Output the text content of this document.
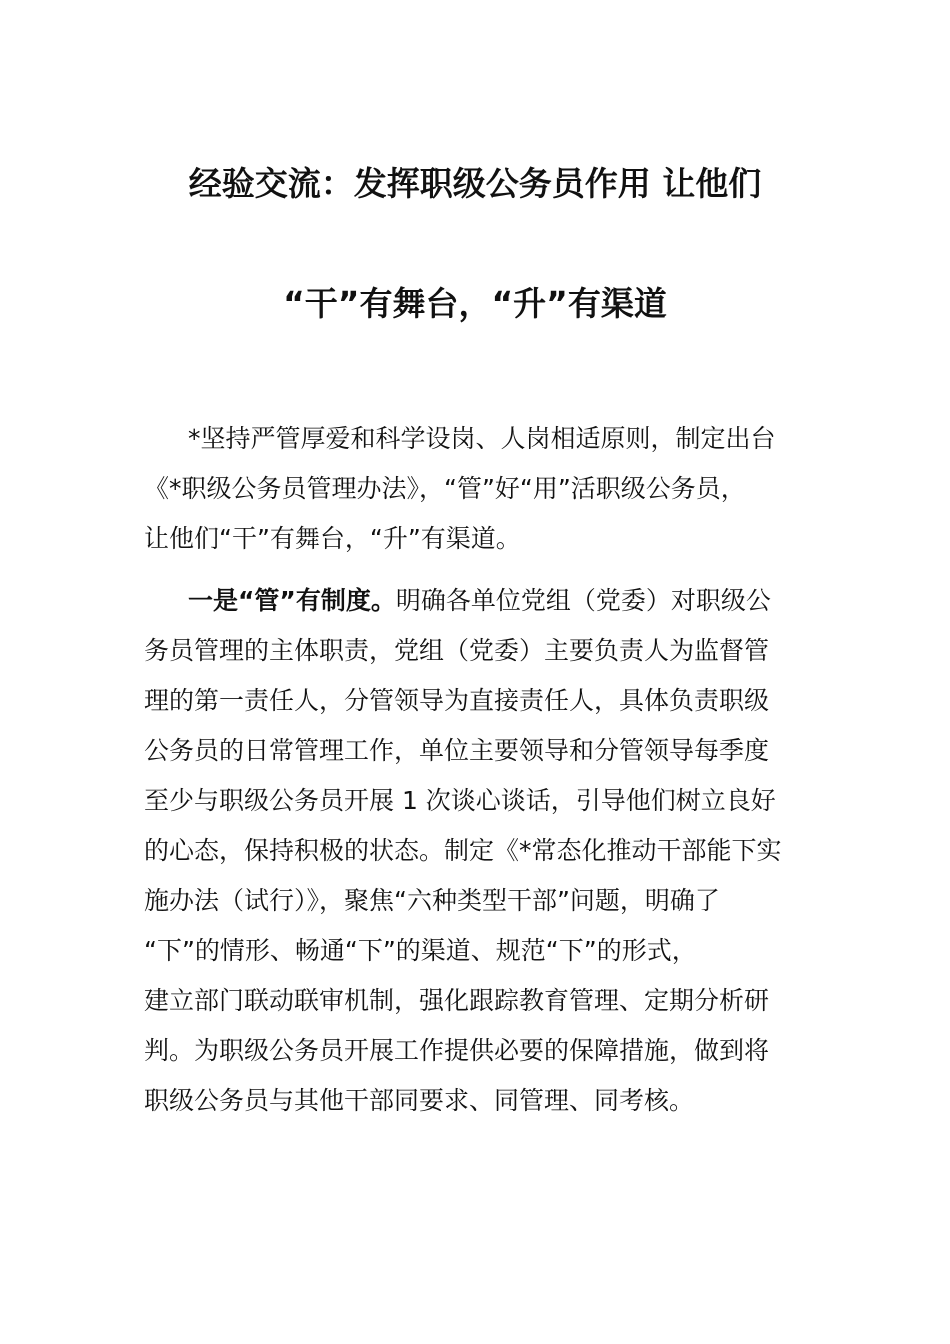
经验交流：发挥职级公务员作用 让他们
“干”有舞台，“升”有渠道
*坚持严管厚爱和科学设岗、人岗相适原则，制定出台
《*职级公务员管理办法》，“管”好“用”活职级公务员，
让他们“干”有舞台，“升”有渠道。
一是“管”有制度。明确各单位党组（党委）对职级公
务员管理的主体职责，党组（党委）主要负责人为监督管
理的第一责任人，分管领导为直接责任人，具体负责职级
公务员的日常管理工作，单位主要领导和分管领导每季度
至少与职级公务员开展 1 次谈心谈话，引导他们树立良好
的心态，保持积极的状态。制定《*常态化推动干部能下实
施办法（试行）》，聚焦“六种类型干部”问题，明确了
“下”的情形、畅通“下”的渠道、规范“下”的形式，
建立部门联动联审机制，强化跟踪教育管理、定期分析研
判。为职级公务员开展工作提供必要的保障措施，做到将
职级公务员与其他干部同要求、同管理、同考核。
